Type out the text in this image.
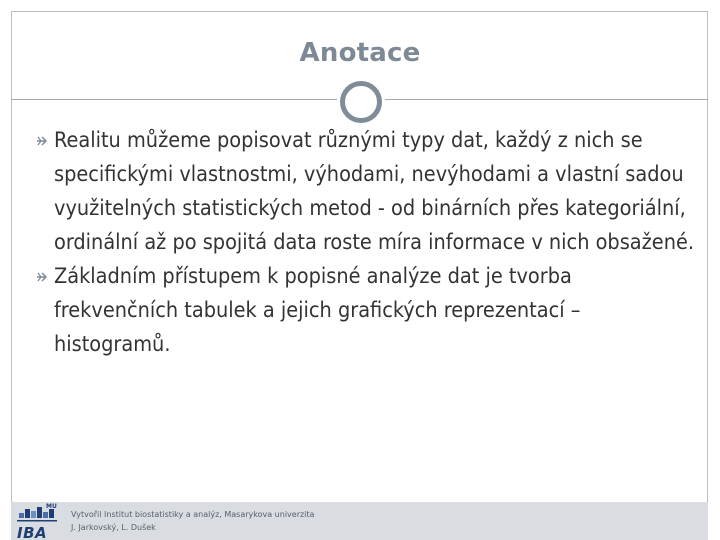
Anotace

Realitu můžeme popisovat různými typy dat, každý z nich se specifickými vlastnostmi, výhodami, nevýhodami a vlastní sadou využitelných statistických metod - od binárních přes kategoriální, ordinální až po spojitá data roste míra informace v nich obsažené.

Základním přístupem k popisné analýze dat je tvorba frekvenčních tabulek a jejich grafických reprezentací – histogramů.

MU
IBA
Vytvořil Institut biostatistiky a analýz, Masarykova univerzita
J. Jarkovský, L. Dušek
